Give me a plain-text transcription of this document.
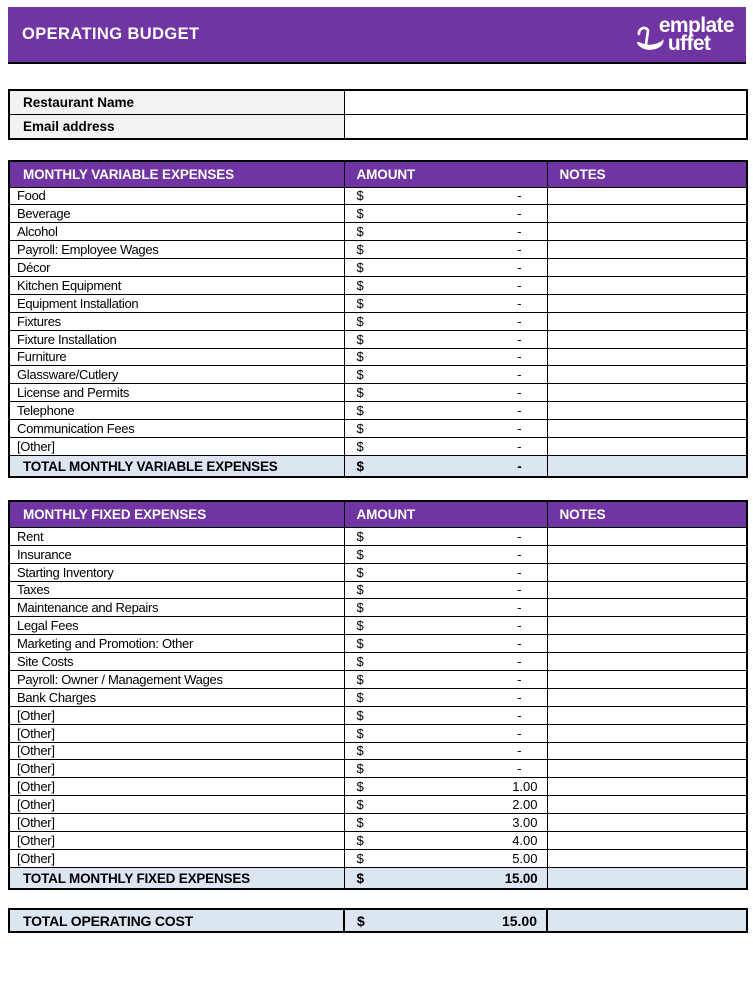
OPERATING BUDGET	emplate
uffet
Restaurant Name	
Email address	
MONTHLY VARIABLE EXPENSES	AMOUNT	NOTES
Food	$ -	

Beverage	$ -	

Alcohol	$ -	

Payroll: Employee Wages	$ -	

Décor	$ -	

Kitchen Equipment	$ -	

Equipment Installation	$ -	

Fixtures	$ -	

Fixture Installation	$ -	

Furniture	$ -	

Glassware/Cutlery	$ -	

License and Permits	$ -	

Telephone	$ -	

Communication Fees	$ -	

[Other]	$ -	

TOTAL MONTHLY VARIABLE EXPENSES	$ -	

MONTHLY FIXED EXPENSES	AMOUNT	NOTES
Rent	$ -	

Insurance	$ -	

Starting Inventory	$ -	

Taxes	$ -	

Maintenance and Repairs	$ -	

Legal Fees	$ -	

Marketing and Promotion: Other	$ -	

Site Costs	$ -	

Payroll: Owner / Management Wages	$ -	

Bank Charges	$ -	

[Other]	$ -	

[Other]	$ -	

[Other]	$ -	

[Other]	$ -	

[Other]	$ 1.00	

[Other]	$ 2.00	

[Other]	$ 3.00	

[Other]	$ 4.00	

[Other]	$ 5.00	

TOTAL MONTHLY FIXED EXPENSES	$ 15.00	

TOTAL OPERATING COST	$	15.00
